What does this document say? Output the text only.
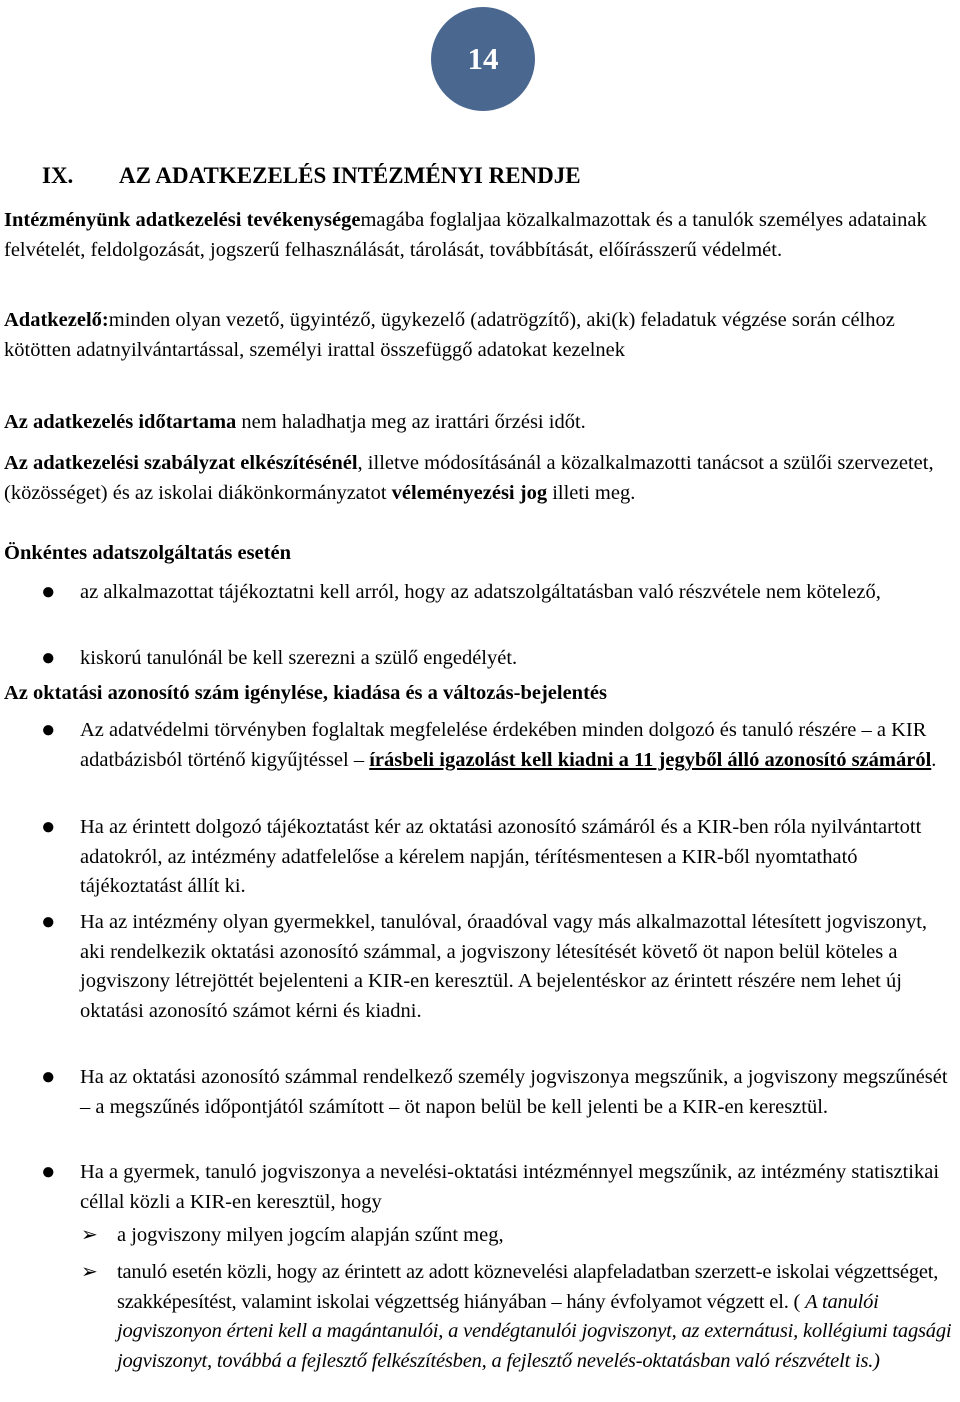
14
IX. AZ ADATKEZELÉS INTÉZMÉNYI RENDJE

Intézményünk adatkezelési tevékenységemagába foglaljaa közalkalmazottak és a tanulók személyes adatainak felvételét, feldolgozását, jogszerű felhasználását, tárolását, továbbítását, előírásszerű védelmét.

Adatkezelő:minden olyan vezető, ügyintéző, ügykezelő (adatrögzítő), aki(k) feladatuk végzése során célhoz kötötten adatnyilvántartással, személyi irattal összefüggő adatokat kezelnek

Az adatkezelés időtartama nem haladhatja meg az irattári őrzési időt.

Az adatkezelési szabályzat elkészítésénél, illetve módosításánál a közalkalmazotti tanácsot a szülői szervezetet, (közösséget) és az iskolai diákönkormányzatot véleményezési jog illeti meg.

Önkéntes adatszolgáltatás esetén

● az alkalmazottat tájékoztatni kell arról, hogy az adatszolgáltatásban való részvétele nem kötelező,
● kiskorú tanulónál be kell szerezni a szülő engedélyét.

Az oktatási azonosító szám igénylése, kiadása és a változás-bejelentés

● Az adatvédelmi törvényben foglaltak megfelelése érdekében minden dolgozó és tanuló részére – a KIR adatbázisból történő kigyűjtéssel – írásbeli igazolást kell kiadni a 11 jegyből álló azonosító számáról.
● Ha az érintett dolgozó tájékoztatást kér az oktatási azonosító számáról és a KIR-ben róla nyilvántartott adatokról, az intézmény adatfelelőse a kérelem napján, térítésmentesen a KIR-ből nyomtatható tájékoztatást állít ki.
● Ha az intézmény olyan gyermekkel, tanulóval, óraadóval vagy más alkalmazottal létesített jogviszonyt, aki rendelkezik oktatási azonosító számmal, a jogviszony létesítését követő öt napon belül köteles a jogviszony létrejöttét bejelenteni a KIR-en keresztül. A bejelentéskor az érintett részére nem lehet új oktatási azonosító számot kérni és kiadni.
● Ha az oktatási azonosító számmal rendelkező személy jogviszonya megszűnik, a jogviszony megszűnését – a megszűnés időpontjától számított – öt napon belül be kell jelenti be a KIR-en keresztül.
● Ha a gyermek, tanuló jogviszonya a nevelési-oktatási intézménnyel megszűnik, az intézmény statisztikai céllal közli a KIR-en keresztül, hogy
➢ a jogviszony milyen jogcím alapján szűnt meg,
➢ tanuló esetén közli, hogy az érintett az adott köznevelési alapfeladatban szerzett-e iskolai végzettséget, szakképesítést, valamint iskolai végzettség hiányában – hány évfolyamot végzett el. ( A tanulói jogviszonyon érteni kell a magántanulói, a vendégtanulói jogviszonyt, az externátusi, kollégiumi tagsági jogviszonyt, továbbá a fejlesztő felkészítésben, a fejlesztő nevelés-oktatásban való részvételt is.)
